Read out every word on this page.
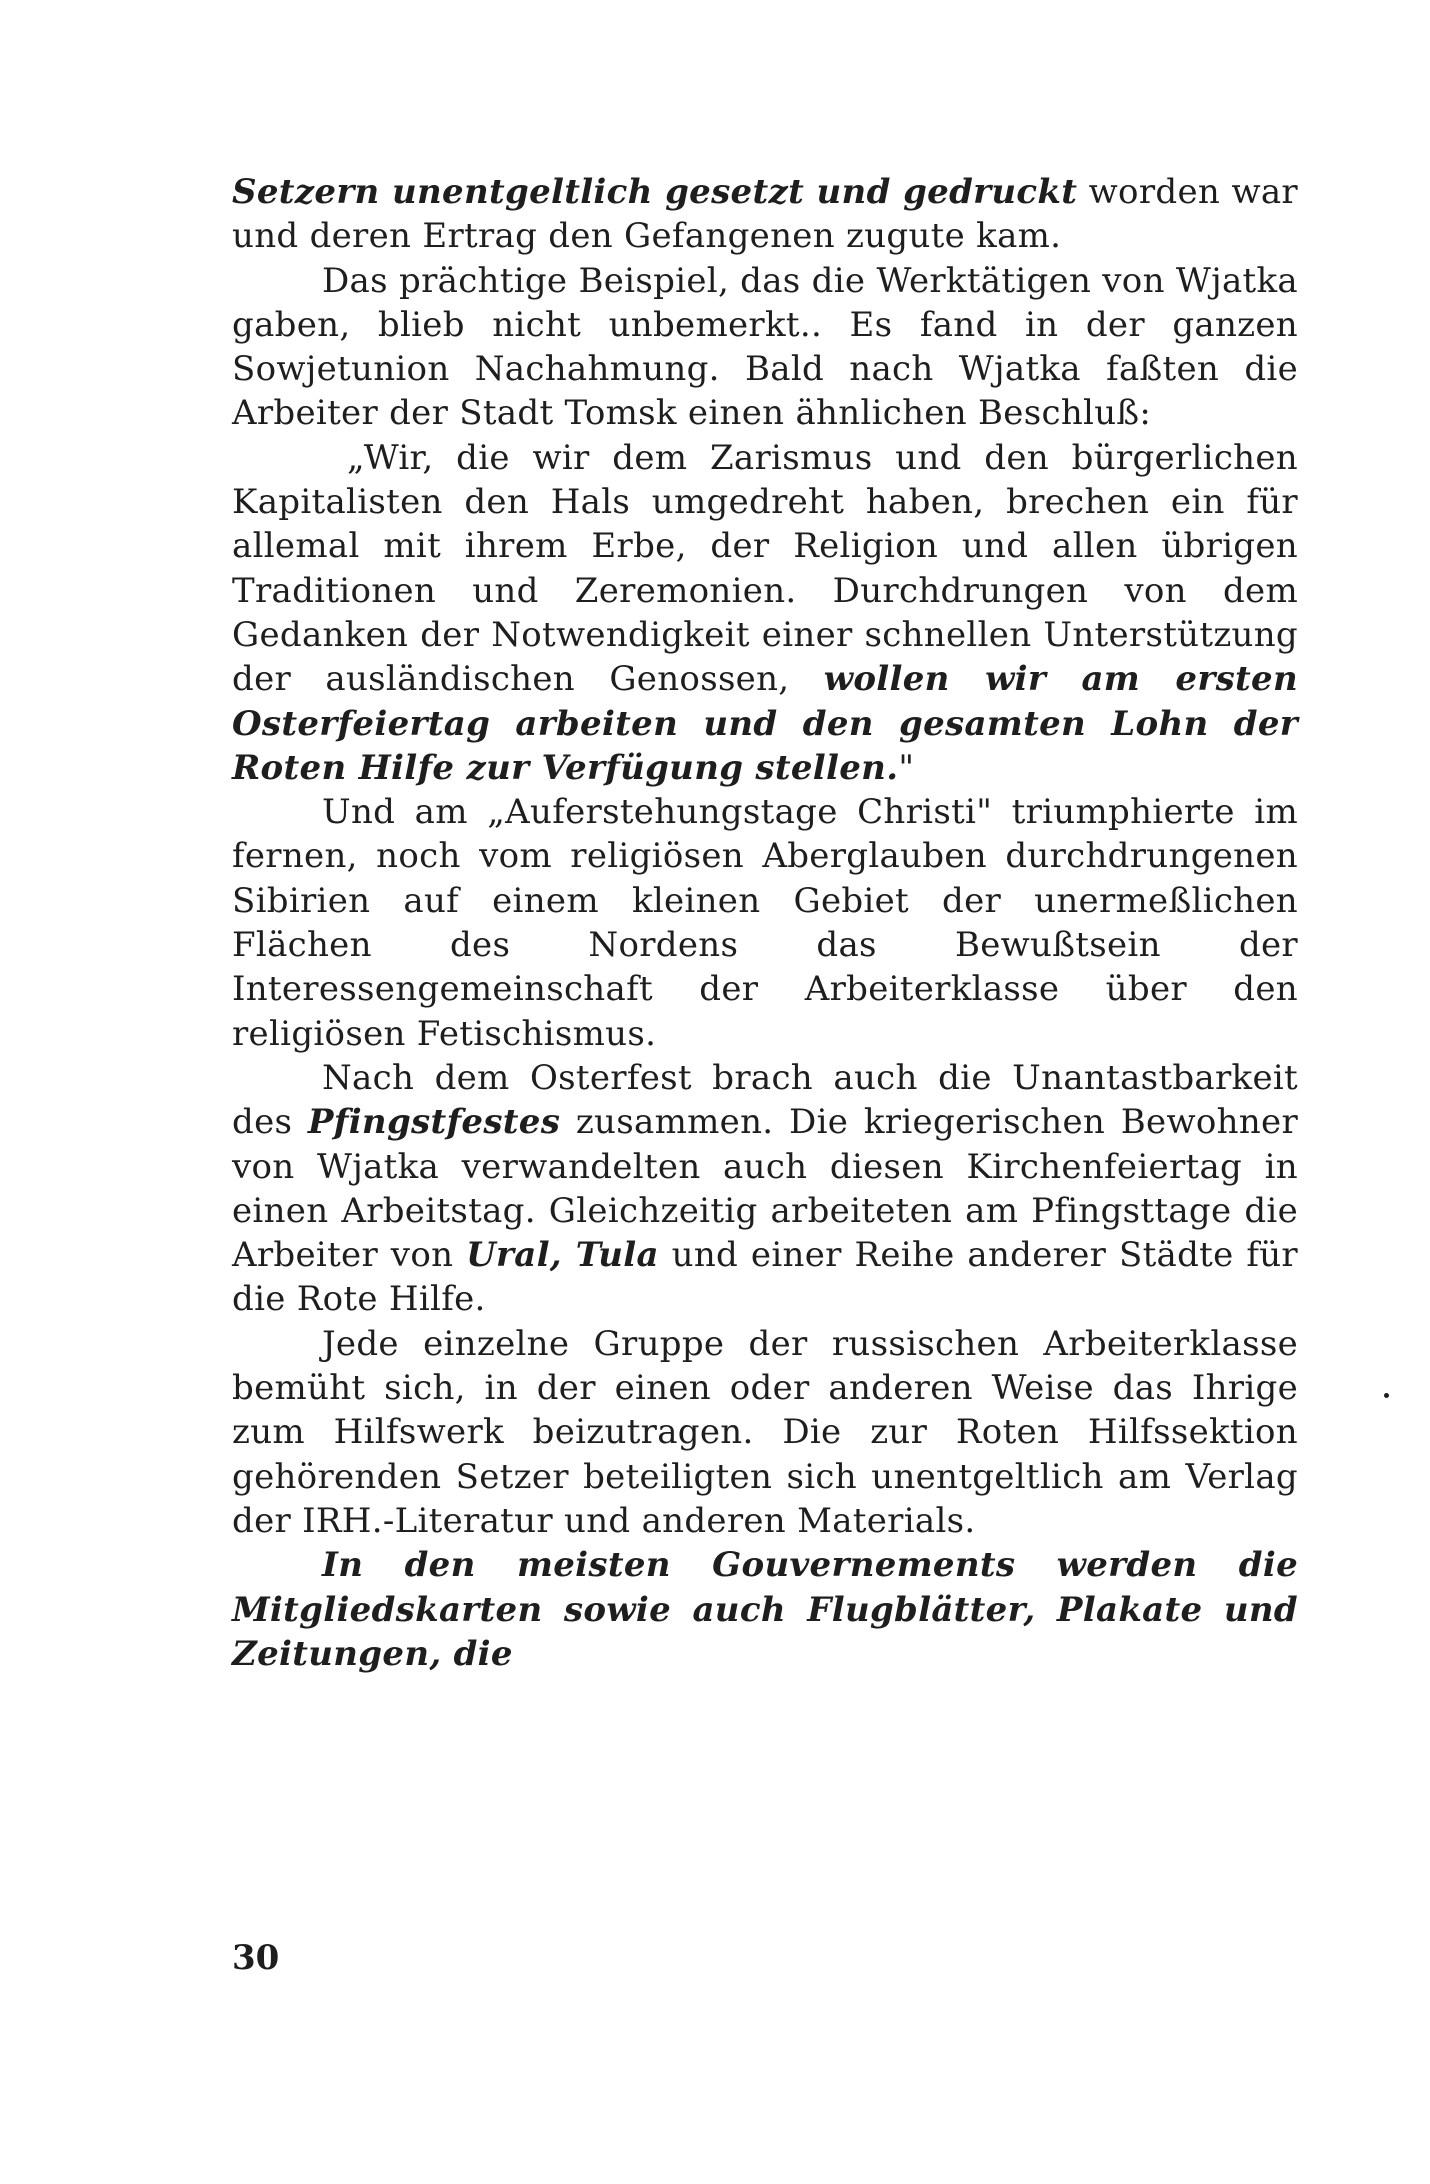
Setzern unentgeltlich gesetzt und gedruckt worden war und deren Ertrag den Gefangenen zugute kam.

Das prächtige Beispiel, das die Werktätigen von Wjatka gaben, blieb nicht unbemerkt.. Es fand in der ganzen Sowjetunion Nachahmung. Bald nach Wjatka faßten die Arbeiter der Stadt Tomsk einen ähnlichen Beschluß:

„Wir, die wir dem Zarismus und den bürgerlichen Kapitalisten den Hals umgedreht haben, brechen ein für allemal mit ihrem Erbe, der Religion und allen übrigen Traditionen und Zeremonien. Durchdrungen von dem Gedanken der Notwendigkeit einer schnellen Unterstützung der ausländischen Genossen, wollen wir am ersten Osterfeiertag arbeiten und den gesamten Lohn der Roten Hilfe zur Verfügung stellen."

Und am „Auferstehungstage Christi" triumphierte im fernen, noch vom religiösen Aberglauben durchdrungenen Sibirien auf einem kleinen Gebiet der unermeßlichen Flächen des Nordens das Bewußtsein der Interessengemeinschaft der Arbeiterklasse über den religiösen Fetischismus.

Nach dem Osterfest brach auch die Unantastbarkeit des Pfingstfestes zusammen. Die kriegerischen Bewohner von Wjatka verwandelten auch diesen Kirchenfeiertag in einen Arbeitstag. Gleichzeitig arbeiteten am Pfingsttage die Arbeiter von Ural, Tula und einer Reihe anderer Städte für die Rote Hilfe.

Jede einzelne Gruppe der russischen Arbeiterklasse bemüht sich, in der einen oder anderen Weise das Ihrige zum Hilfswerk beizutragen. Die zur Roten Hilfssektion gehörenden Setzer beteiligten sich unentgeltlich am Verlag der IRH.-Literatur und anderen Materials.

In den meisten Gouvernements werden die Mitgliedskarten sowie auch Flugblätter, Plakate und Zeitungen, die

30
